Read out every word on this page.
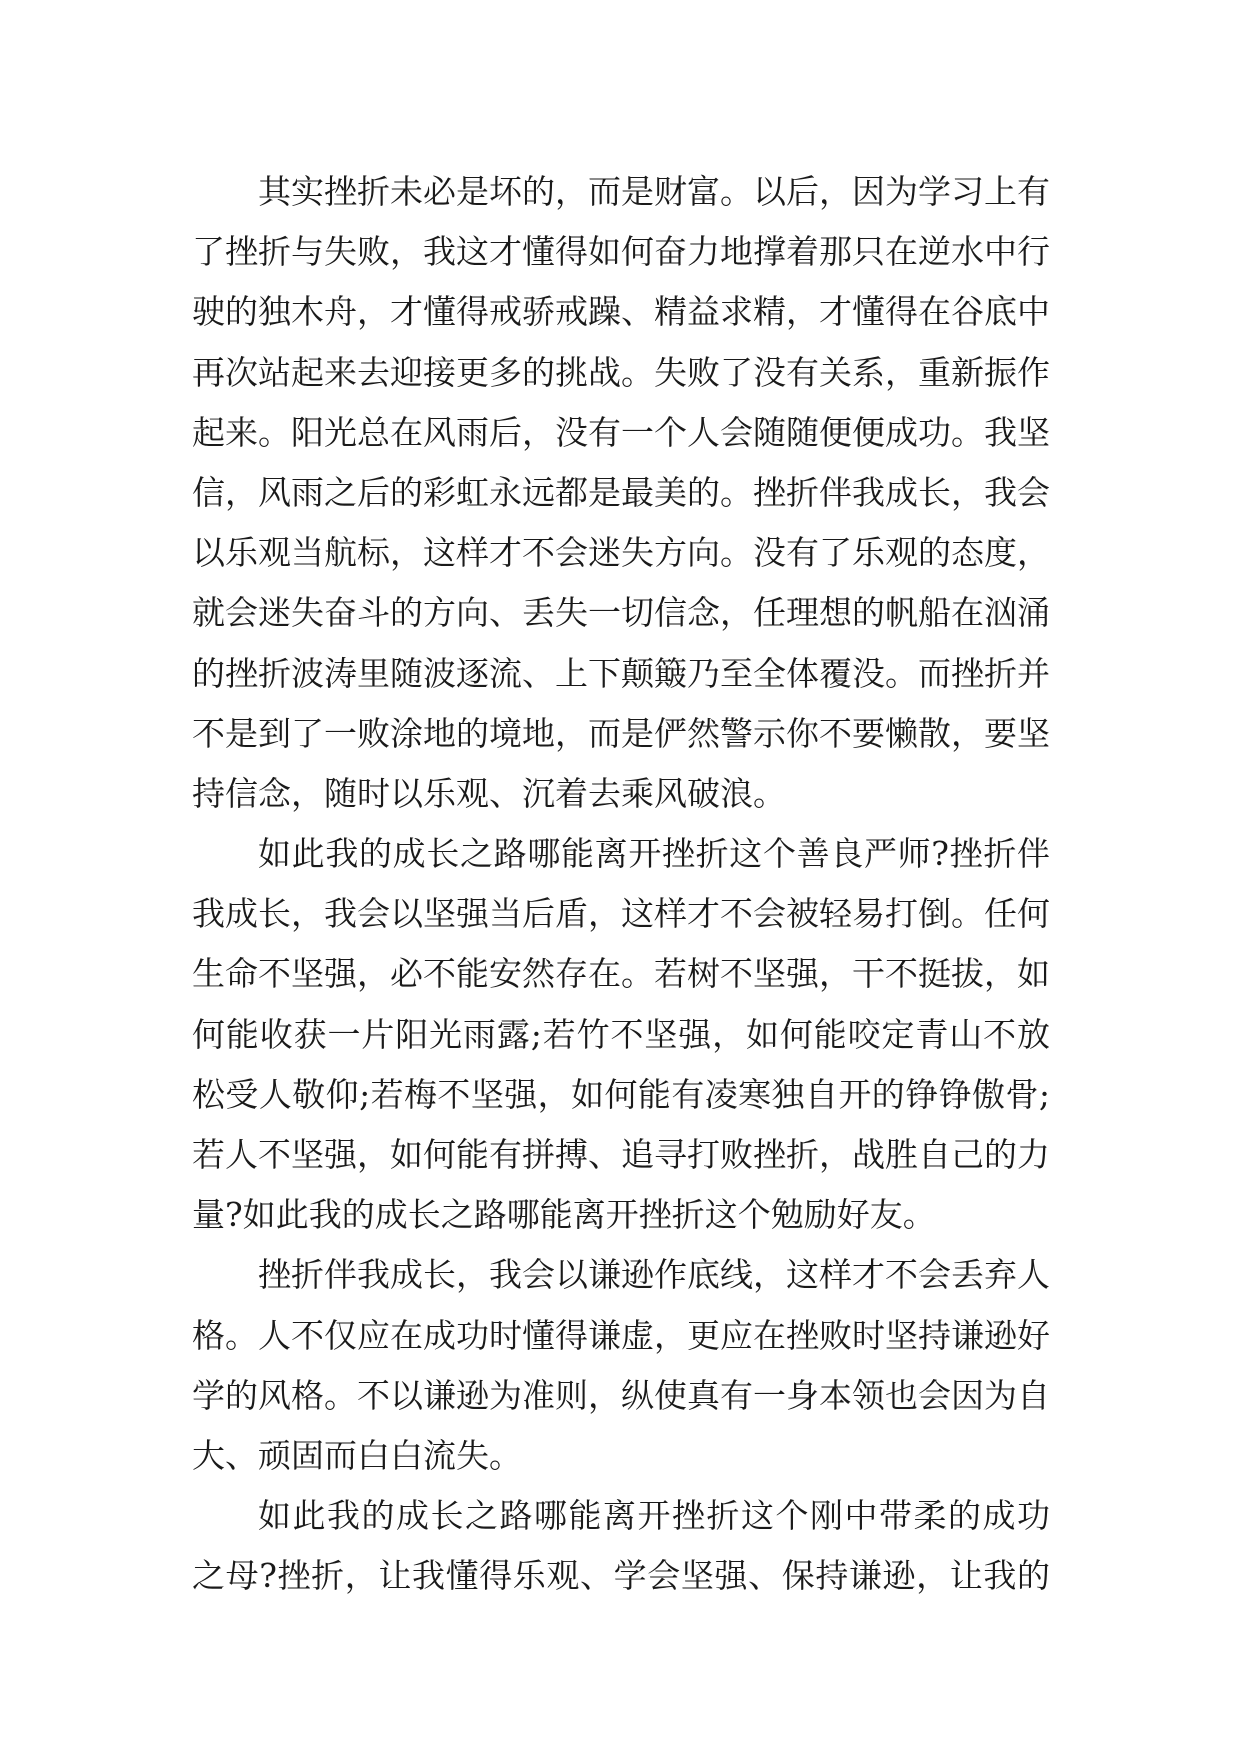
其实挫折未必是坏的，而是财富。以后，因为学习上有
了挫折与失败，我这才懂得如何奋力地撑着那只在逆水中行
驶的独木舟，才懂得戒骄戒躁、精益求精，才懂得在谷底中
再次站起来去迎接更多的挑战。失败了没有关系，重新振作
起来。阳光总在风雨后，没有一个人会随随便便成功。我坚
信，风雨之后的彩虹永远都是最美的。挫折伴我成长，我会
以乐观当航标，这样才不会迷失方向。没有了乐观的态度，
就会迷失奋斗的方向、丢失一切信念，任理想的帆船在汹涌
的挫折波涛里随波逐流、上下颠簸乃至全体覆没。而挫折并
不是到了一败涂地的境地，而是俨然警示你不要懒散，要坚
持信念，随时以乐观、沉着去乘风破浪。
如此我的成长之路哪能离开挫折这个善良严师?挫折伴
我成长，我会以坚强当后盾，这样才不会被轻易打倒。任何
生命不坚强，必不能安然存在。若树不坚强，干不挺拔，如
何能收获一片阳光雨露;若竹不坚强，如何能咬定青山不放
松受人敬仰;若梅不坚强，如何能有凌寒独自开的铮铮傲骨;
若人不坚强，如何能有拼搏、追寻打败挫折，战胜自己的力
量?如此我的成长之路哪能离开挫折这个勉励好友。
挫折伴我成长，我会以谦逊作底线，这样才不会丢弃人
格。人不仅应在成功时懂得谦虚，更应在挫败时坚持谦逊好
学的风格。不以谦逊为准则，纵使真有一身本领也会因为自
大、顽固而白白流失。
如此我的成长之路哪能离开挫折这个刚中带柔的成功
之母?挫折，让我懂得乐观、学会坚强、保持谦逊，让我的
